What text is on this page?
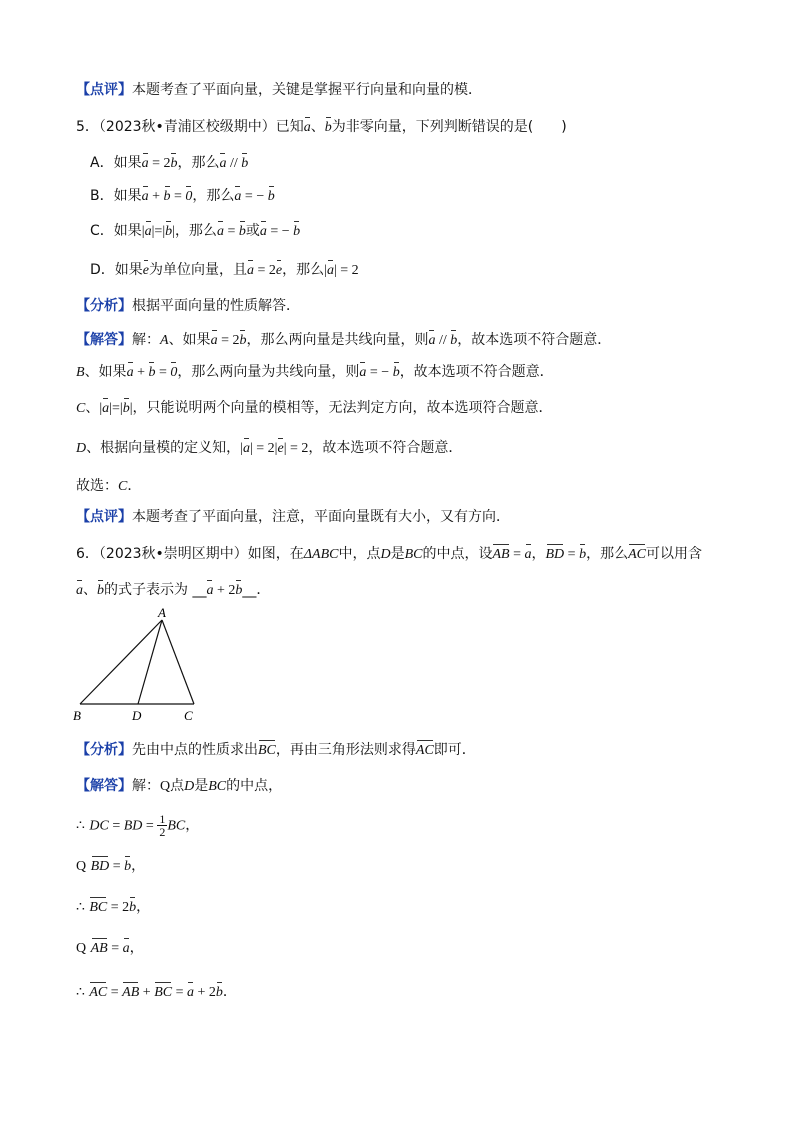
【点评】本题考查了平面向量，关键是掌握平行向量和向量的模．
5．（2023秋•青浦区校级期中）已知a、b为非零向量，下列判断错误的是(　　)
A．如果a = 2b，那么a // b
B．如果a + b = 0，那么a = − b
C．如果|a|=|b|，那么a = b或a = − b
D．如果e为单位向量，且a = 2e，那么|a| = 2
【分析】根据平面向量的性质解答．
【解答】解：A、如果a = 2b，那么两向量是共线向量，则a // b，故本选项不符合题意．
B、如果a + b = 0，那么两向量为共线向量，则a = − b，故本选项不符合题意．
C、|a|=|b|，只能说明两个向量的模相等，无法判定方向，故本选项符合题意．
D、根据向量模的定义知，|a| = 2|e| = 2，故本选项不符合题意．
故选：C．
【点评】本题考查了平面向量，注意，平面向量既有大小，又有方向．
6．（2023秋•崇明区期中）如图，在ΔABC中，点D是BC的中点，设AB = a，BD = b，那么AC可以用含
a、b的式子表示为 __a + 2b__．
A
B	D	C
【分析】先由中点的性质求出BC，再由三角形法则求得AC即可．
【解答】解：Q点D是BC的中点，
∴ DC = BD = $\frac{1}{2}$ BC，
Q BD = b，
∴ BC = 2b，
Q AB = a，
∴ AC = AB + BC = a + 2b．
